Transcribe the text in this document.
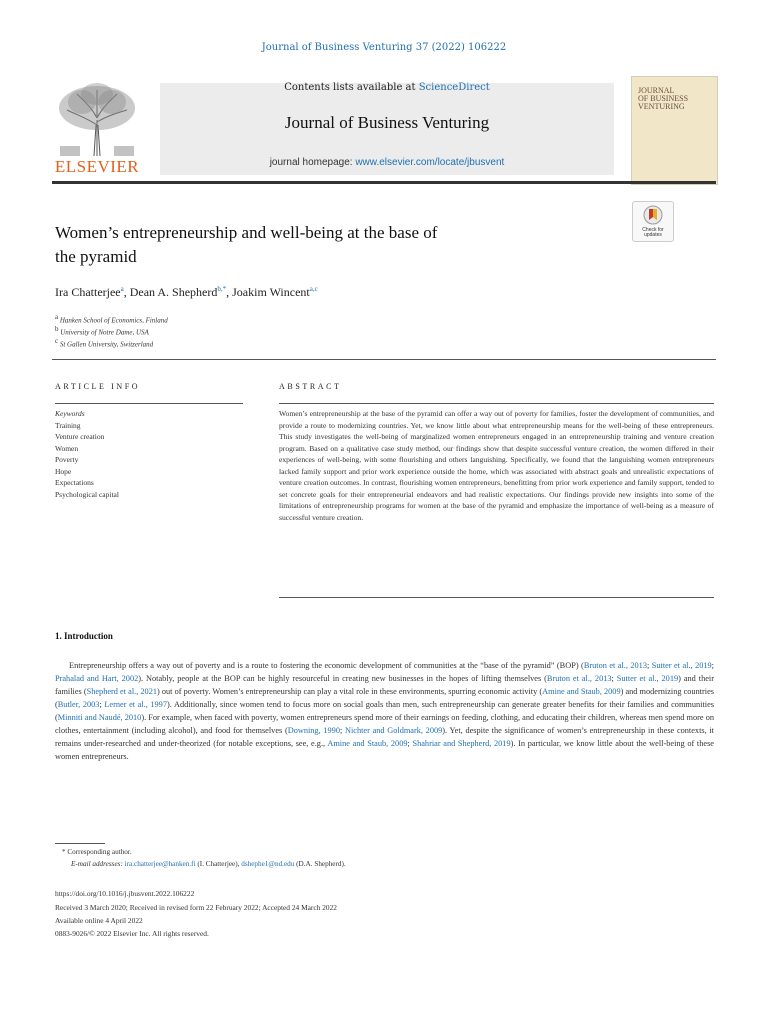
Journal of Business Venturing 37 (2022) 106222
ELSEVIER
Contents lists available at ScienceDirect
Journal of Business Venturing
journal homepage: www.elsevier.com/locate/jbusvent
JOURNAL
OF BUSINESS
VENTURING
Women’s entrepreneurship and well-being at the base of
the pyramid
Check for
updates
Ira Chatterjee$^a$, Dean A. Shepherd$^{b,*}$, Joakim Wincent$^{a,c}$
$^a$ Hanken School of Economics, Finland
$^b$ University of Notre Dame, USA
$^c$ St Gallen University, Switzerland
ARTICLE INFO	ABSTRACT
Keywords
Training
Venture creation
Women
Poverty
Hope
Expectations
Psychological capital
Women’s entrepreneurship at the base of the pyramid can offer a way out of poverty for families, foster the development of communities, and provide a route to modernizing countries. Yet, we know little about what entrepreneurship means for the well-being of these entrepreneurs. This study investigates the well-being of marginalized women entrepreneurs engaged in an entrepreneurship training and venture creation program. Based on a qualitative case study method, our findings show that despite successful venture creation, the women differed in their experiences of well-being, with some flourishing and others languishing. Specifically, we found that the languishing women entrepreneurs lacked family support and prior work experience outside the home, which was associated with abstract goals and unrealistic expectations of venture creation outcomes. In contrast, flourishing women entrepreneurs, benefitting from prior work experience and family support, tended to set concrete goals for their entrepreneurial endeavors and had realistic expectations. Our findings provide new insights into some of the limitations of entrepreneurship programs for women at the base of the pyramid and emphasize the importance of well-being as a measure of successful venture creation.
1. Introduction
Entrepreneurship offers a way out of poverty and is a route to fostering the economic development of communities at the “base of the pyramid” (BOP) (Bruton et al., 2013; Sutter et al., 2019; Prahalad and Hart, 2002). Notably, people at the BOP can be highly resourceful in creating new businesses in the hopes of lifting themselves (Bruton et al., 2013; Sutter et al., 2019) and their families (Shepherd et al., 2021) out of poverty. Women’s entrepreneurship can play a vital role in these environments, spurring economic activity (Amine and Staub, 2009) and modernizing countries (Butler, 2003; Lerner et al., 1997). Additionally, since women tend to focus more on social goals than men, such entrepreneurship can generate greater benefits for their families and communities (Minniti and Naudé, 2010). For example, when faced with poverty, women entrepreneurs spend more of their earnings on feeding, clothing, and educating their children, whereas men spend more on clothes, entertainment (including alcohol), and food for themselves (Downing, 1990; Nichter and Goldmark, 2009). Yet, despite the significance of women’s entrepreneurship in these contexts, it remains under-researched and under-theorized (for notable exceptions, see, e.g., Amine and Staub, 2009; Shahriar and Shepherd, 2019). In particular, we know little about the well-being of these women entrepreneurs.
* Corresponding author.
E-mail addresses: ira.chatterjee@hanken.fi (I. Chatterjee), dshephe1@nd.edu (D.A. Shepherd).
https://doi.org/10.1016/j.jbusvent.2022.106222
Received 3 March 2020; Received in revised form 22 February 2022; Accepted 24 March 2022
Available online 4 April 2022
0883-9026/© 2022 Elsevier Inc. All rights reserved.
